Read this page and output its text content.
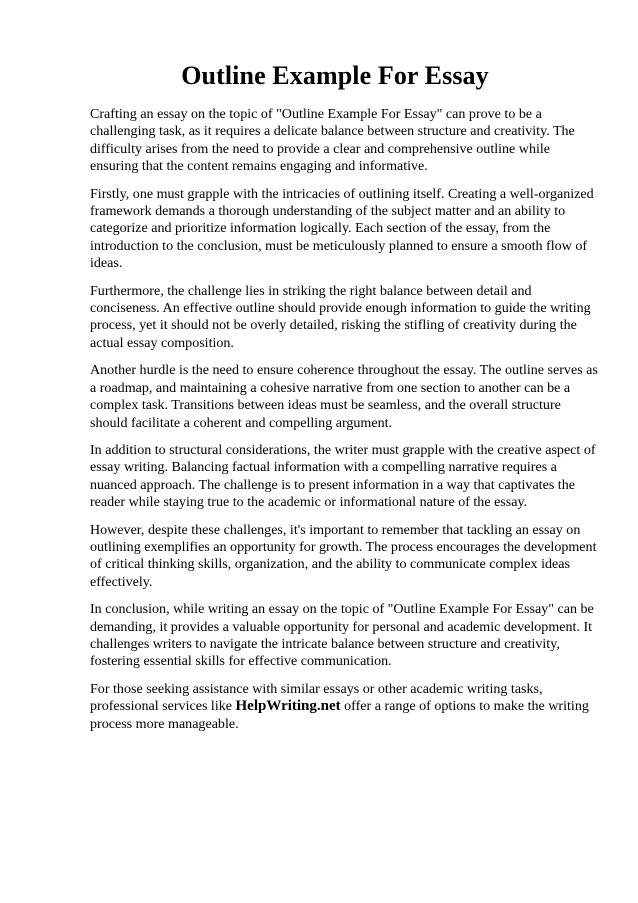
Outline Example For Essay

Crafting an essay on the topic of "Outline Example For Essay" can prove to be a challenging task, as it requires a delicate balance between structure and creativity. The difficulty arises from the need to provide a clear and comprehensive outline while ensuring that the content remains engaging and informative.

Firstly, one must grapple with the intricacies of outlining itself. Creating a well-organized framework demands a thorough understanding of the subject matter and an ability to categorize and prioritize information logically. Each section of the essay, from the introduction to the conclusion, must be meticulously planned to ensure a smooth flow of ideas.

Furthermore, the challenge lies in striking the right balance between detail and conciseness. An effective outline should provide enough information to guide the writing process, yet it should not be overly detailed, risking the stifling of creativity during the actual essay composition.

Another hurdle is the need to ensure coherence throughout the essay. The outline serves as a roadmap, and maintaining a cohesive narrative from one section to another can be a complex task. Transitions between ideas must be seamless, and the overall structure should facilitate a coherent and compelling argument.

In addition to structural considerations, the writer must grapple with the creative aspect of essay writing. Balancing factual information with a compelling narrative requires a nuanced approach. The challenge is to present information in a way that captivates the reader while staying true to the academic or informational nature of the essay.

However, despite these challenges, it's important to remember that tackling an essay on outlining exemplifies an opportunity for growth. The process encourages the development of critical thinking skills, organization, and the ability to communicate complex ideas effectively.

In conclusion, while writing an essay on the topic of "Outline Example For Essay" can be demanding, it provides a valuable opportunity for personal and academic development. It challenges writers to navigate the intricate balance between structure and creativity, fostering essential skills for effective communication.

For those seeking assistance with similar essays or other academic writing tasks, professional services like HelpWriting.net offer a range of options to make the writing process more manageable.
